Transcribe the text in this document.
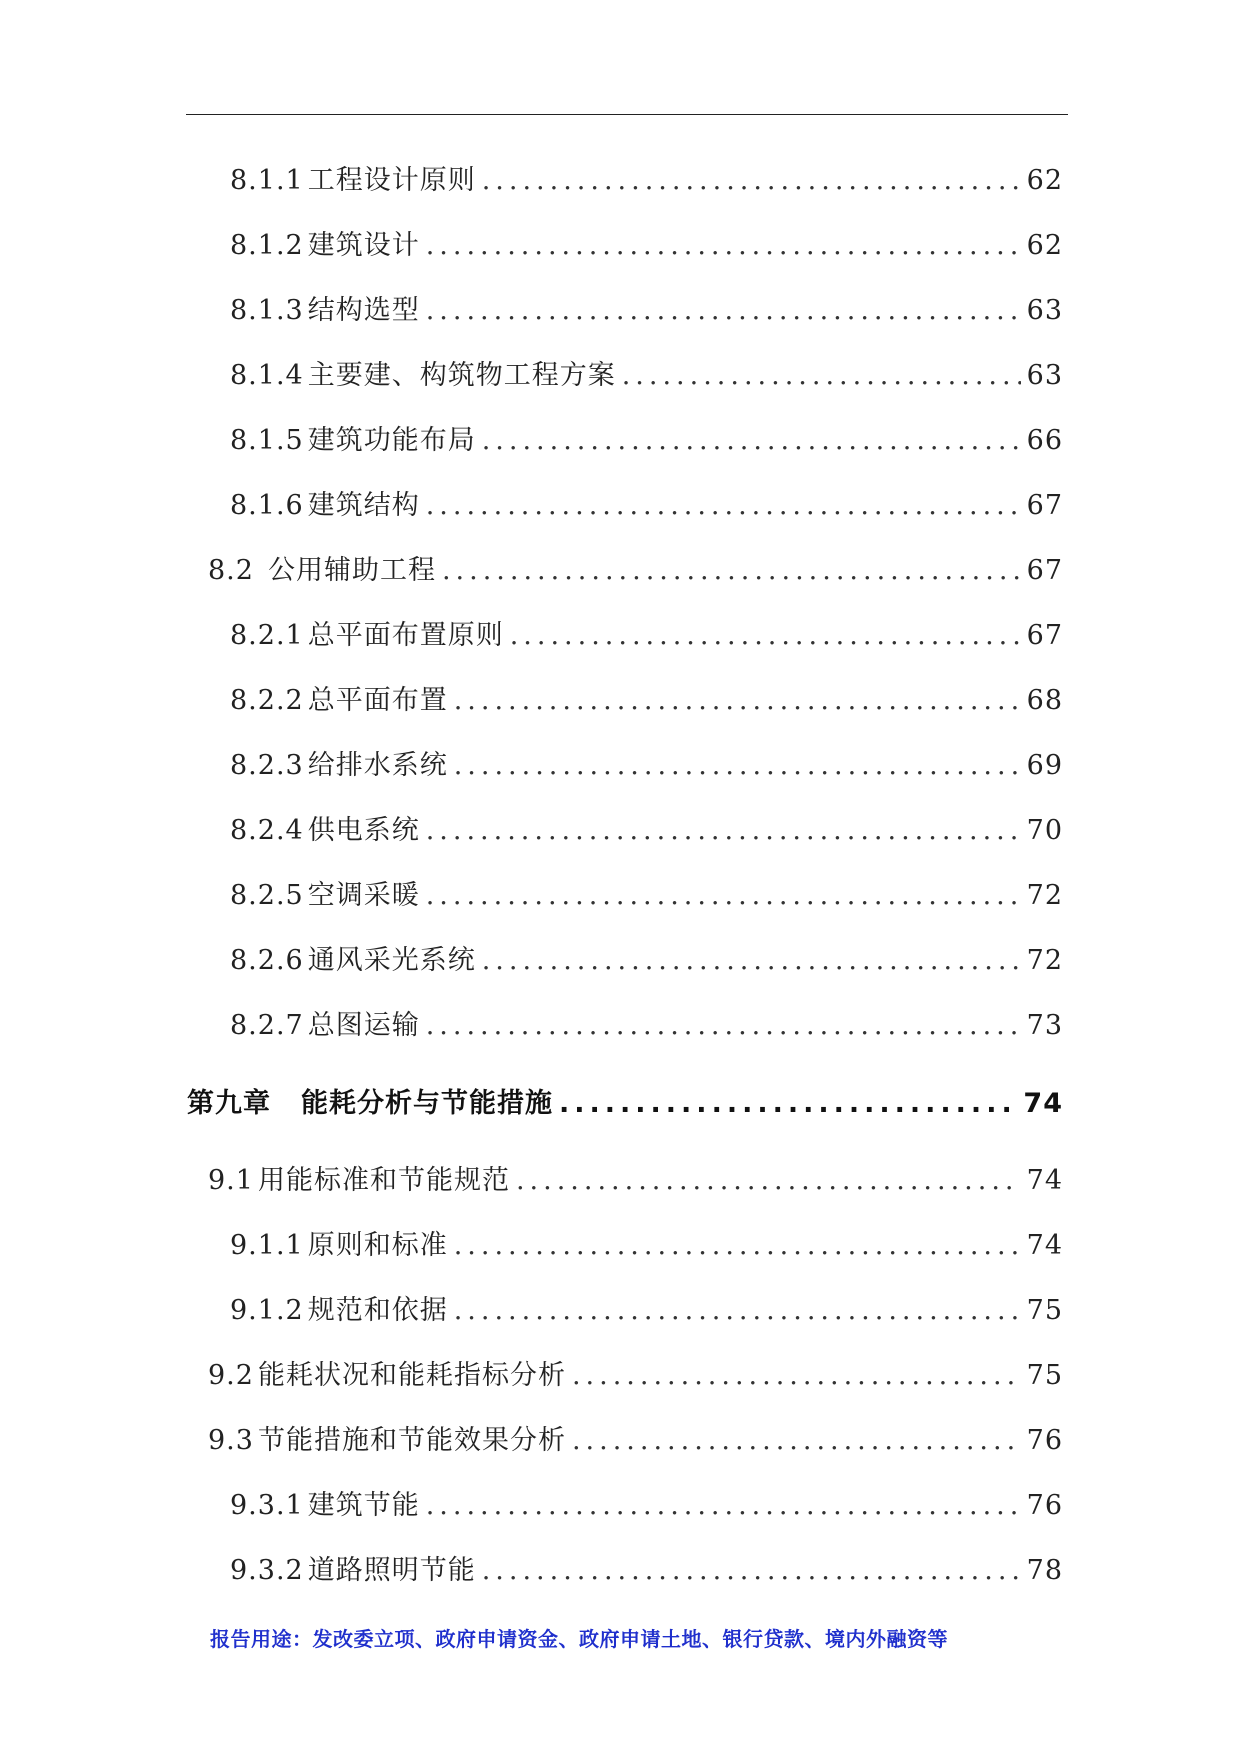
8.1.1 工程设计原则 .....	62
8.1.2 建筑设计 .....	62
8.1.3 结构选型 .....	63
8.1.4 主要建、构筑物工程方案 .....	63
8.1.5 建筑功能布局 .....	66
8.1.6 建筑结构 .....	67
8.2 公用辅助工程 .....	67
8.2.1 总平面布置原则 .....	67
8.2.2 总平面布置 .....	68
8.2.3 给排水系统 .....	69
8.2.4 供电系统 .....	70
8.2.5 空调采暖 .....	72
8.2.6 通风采光系统 .....	72
8.2.7 总图运输 .....	73
第九章 能耗分析与节能措施 .....	74
9.1 用能标准和节能规范 .....	74
9.1.1 原则和标准 .....	74
9.1.2 规范和依据 .....	75
9.2 能耗状况和能耗指标分析 .....	75
9.3 节能措施和节能效果分析 .....	76
9.3.1 建筑节能 .....	76
9.3.2 道路照明节能 .....	78
报告用途：发改委立项、政府申请资金、政府申请土地、银行贷款、境内外融资等
